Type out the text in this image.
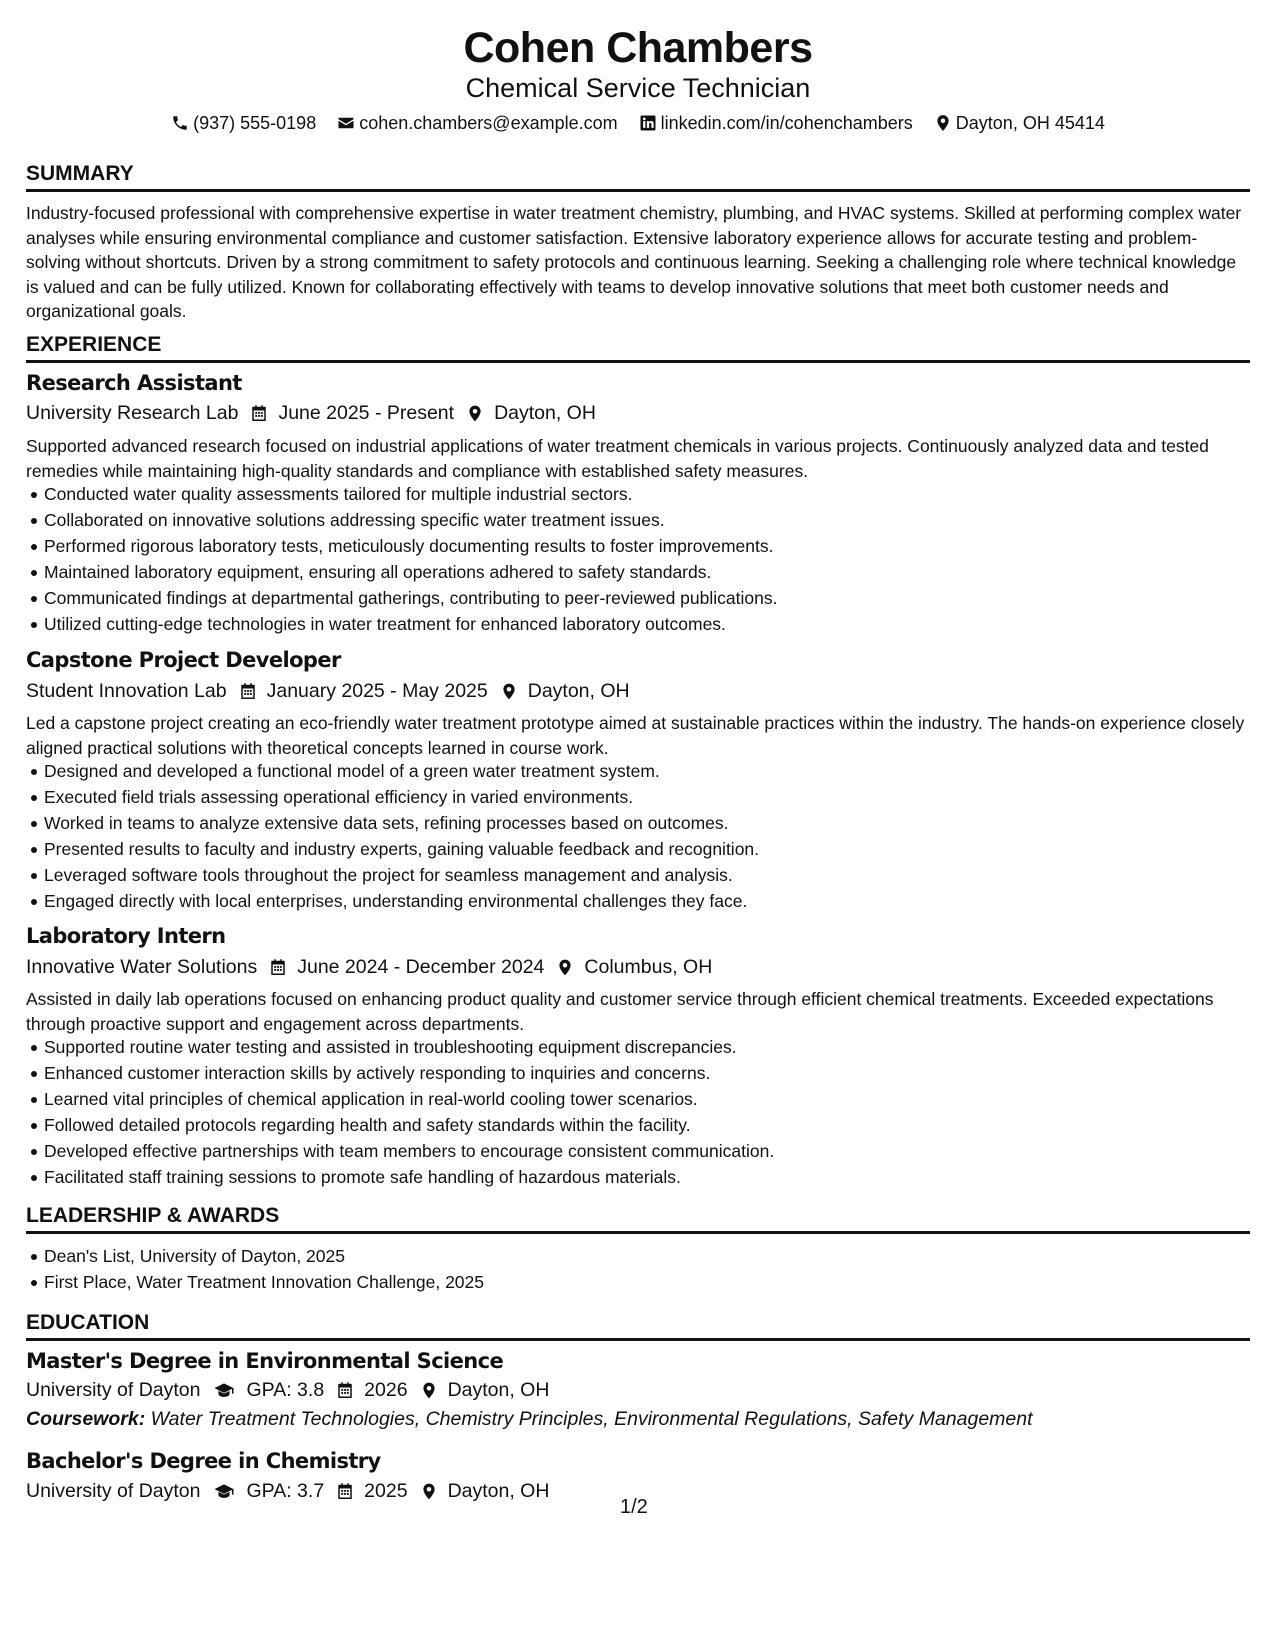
Cohen Chambers
Chemical Service Technician
(937) 555-0198
cohen.chambers@example.com
linkedin.com/in/cohenchambers
Dayton, OH 45414
SUMMARY
Industry-focused professional with comprehensive expertise in water treatment chemistry, plumbing, and HVAC systems. Skilled at performing complex water analyses while ensuring environmental compliance and customer satisfaction. Extensive laboratory experience allows for accurate testing and problem-solving without shortcuts. Driven by a strong commitment to safety protocols and continuous learning. Seeking a challenging role where technical knowledge is valued and can be fully utilized. Known for collaborating effectively with teams to develop innovative solutions that meet both customer needs and organizational goals.
EXPERIENCE
Research Assistant
University Research Lab June 2025 - Present Dayton, OH
Supported advanced research focused on industrial applications of water treatment chemicals in various projects. Continuously analyzed data and tested remedies while maintaining high-quality standards and compliance with established safety measures.
Conducted water quality assessments tailored for multiple industrial sectors.
Collaborated on innovative solutions addressing specific water treatment issues.
Performed rigorous laboratory tests, meticulously documenting results to foster improvements.
Maintained laboratory equipment, ensuring all operations adhered to safety standards.
Communicated findings at departmental gatherings, contributing to peer-reviewed publications.
Utilized cutting-edge technologies in water treatment for enhanced laboratory outcomes.
Capstone Project Developer
Student Innovation Lab January 2025 - May 2025 Dayton, OH
Led a capstone project creating an eco-friendly water treatment prototype aimed at sustainable practices within the industry. The hands-on experience closely aligned practical solutions with theoretical concepts learned in course work.
Designed and developed a functional model of a green water treatment system.
Executed field trials assessing operational efficiency in varied environments.
Worked in teams to analyze extensive data sets, refining processes based on outcomes.
Presented results to faculty and industry experts, gaining valuable feedback and recognition.
Leveraged software tools throughout the project for seamless management and analysis.
Engaged directly with local enterprises, understanding environmental challenges they face.
Laboratory Intern
Innovative Water Solutions June 2024 - December 2024 Columbus, OH
Assisted in daily lab operations focused on enhancing product quality and customer service through efficient chemical treatments. Exceeded expectations through proactive support and engagement across departments.
Supported routine water testing and assisted in troubleshooting equipment discrepancies.
Enhanced customer interaction skills by actively responding to inquiries and concerns.
Learned vital principles of chemical application in real-world cooling tower scenarios.
Followed detailed protocols regarding health and safety standards within the facility.
Developed effective partnerships with team members to encourage consistent communication.
Facilitated staff training sessions to promote safe handling of hazardous materials.
LEADERSHIP & AWARDS
Dean's List, University of Dayton, 2025
First Place, Water Treatment Innovation Challenge, 2025
EDUCATION
Master's Degree in Environmental Science
University of Dayton GPA: 3.8 2026 Dayton, OH
Coursework: Water Treatment Technologies, Chemistry Principles, Environmental Regulations, Safety Management
Bachelor's Degree in Chemistry
University of Dayton GPA: 3.7 2025 Dayton, OH
1/2
